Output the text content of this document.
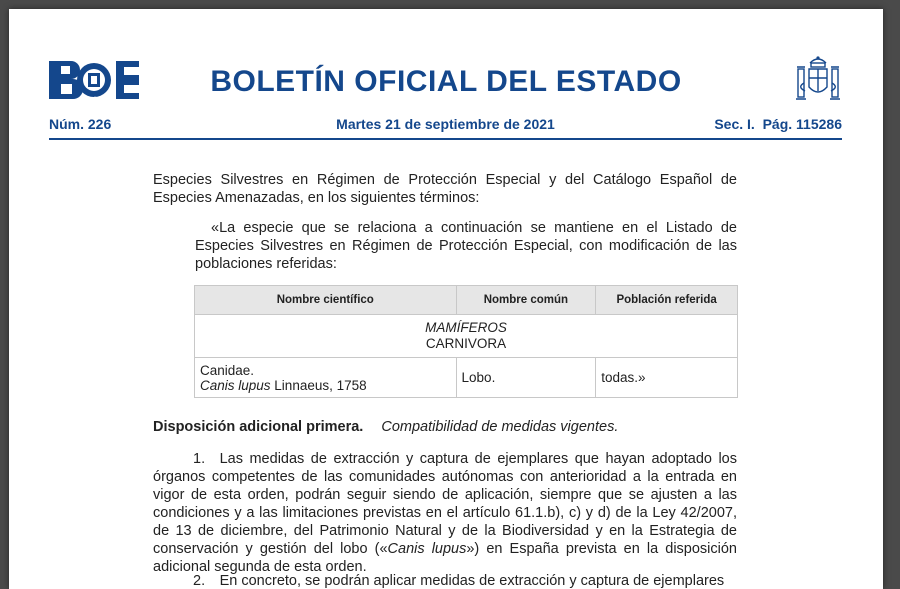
BOE	BOLETÍN OFICIAL DEL ESTADO
Núm. 226	Martes 21 de septiembre de 2021	Sec. I.  Pág. 115286
Especies Silvestres en Régimen de Protección Especial y del Catálogo Español de Especies Amenazadas, en los siguientes términos:
«La especie que se relaciona a continuación se mantiene en el Listado de Especies Silvestres en Régimen de Protección Especial, con modificación de las poblaciones referidas:
Nombre científico	Nombre común	Población referida
MAMÍFEROS
CARNIVORA		
Canidae.
Canis lupus Linnaeus, 1758	Lobo.	todas.»
Disposición adicional primera. Compatibilidad de medidas vigentes.
1. Las medidas de extracción y captura de ejemplares que hayan adoptado los órganos competentes de las comunidades autónomas con anterioridad a la entrada en vigor de esta orden, podrán seguir siendo de aplicación, siempre que se ajusten a las condiciones y a las limitaciones previstas en el artículo 61.1.b), c) y d) de la Ley 42/2007, de 13 de diciembre, del Patrimonio Natural y de la Biodiversidad y en la Estrategia de conservación y gestión del lobo («Canis lupus») en España prevista en la disposición adicional segunda de esta orden.
2. En concreto, se podrán aplicar medidas de extracción y captura de ejemplares
